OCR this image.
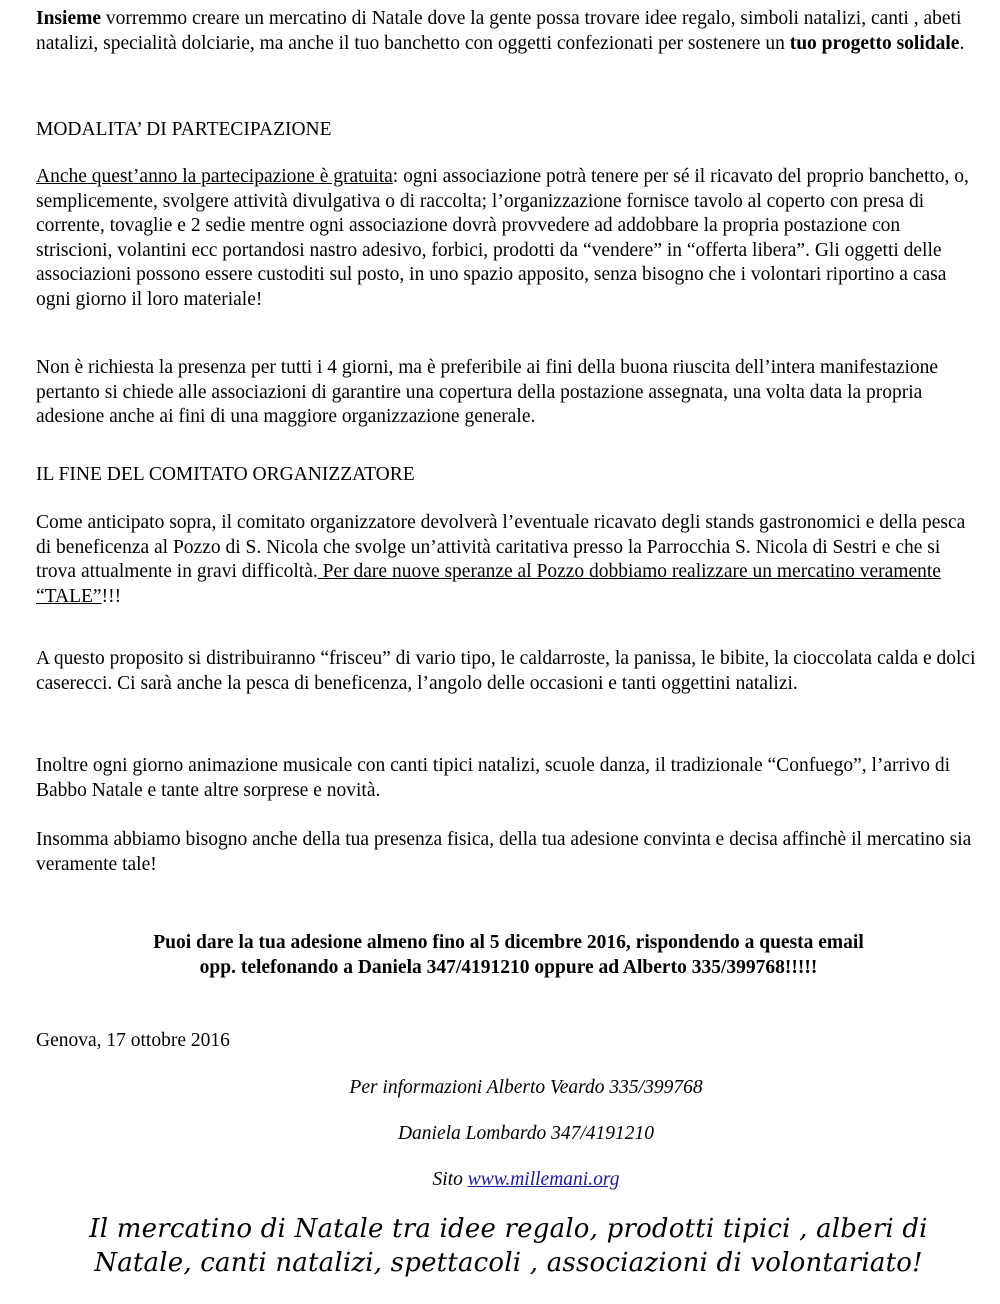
Insieme vorremmo creare un mercatino di Natale dove la gente possa trovare idee regalo, simboli natalizi, canti , abeti natalizi, specialità dolciarie, ma anche il tuo banchetto con oggetti confezionati per sostenere un tuo progetto solidale.

MODALITA’ DI PARTECIPAZIONE

Anche quest’anno la partecipazione è gratuita: ogni associazione potrà tenere per sé il ricavato del proprio banchetto, o, semplicemente, svolgere attività divulgativa o di raccolta; l’organizzazione fornisce tavolo al coperto con presa di corrente, tovaglie e 2 sedie mentre ogni associazione dovrà provvedere ad addobbare la propria postazione con striscioni, volantini ecc portandosi nastro adesivo, forbici, prodotti da “vendere” in “offerta libera”. Gli oggetti delle associazioni possono essere custoditi sul posto, in uno spazio apposito, senza bisogno che i volontari riportino a casa ogni giorno il loro materiale!

Non è richiesta la presenza per tutti i 4 giorni, ma è preferibile ai fini della buona riuscita dell’intera manifestazione pertanto si chiede alle associazioni di garantire una copertura della postazione assegnata, una volta data la propria adesione anche ai fini di una maggiore organizzazione generale.

IL FINE DEL COMITATO ORGANIZZATORE

Come anticipato sopra, il comitato organizzatore devolverà l’eventuale ricavato degli stands gastronomici e della pesca di beneficenza al Pozzo di S. Nicola che svolge un’attività caritativa presso la Parrocchia S. Nicola di Sestri e che si trova attualmente in gravi difficoltà. Per dare nuove speranze al Pozzo dobbiamo realizzare un mercatino veramente “TALE”!!!

A questo proposito si distribuiranno “frisceu” di vario tipo, le caldarroste, la panissa, le bibite, la cioccolata calda e dolci caserecci. Ci sarà anche la pesca di beneficenza, l’angolo delle occasioni e tanti oggettini natalizi.

Inoltre ogni giorno animazione musicale con canti tipici natalizi, scuole danza, il tradizionale “Confuego”, l’arrivo di Babbo Natale e tante altre sorprese e novità.

Insomma abbiamo bisogno anche della tua presenza fisica, della tua adesione convinta e decisa affinchè il mercatino sia veramente tale!

Puoi dare la tua adesione almeno fino al 5 dicembre 2016, rispondendo a questa email
opp. telefonando a Daniela 347/4191210 oppure ad Alberto 335/399768!!!!!

Genova, 17 ottobre 2016

Per informazioni Alberto Veardo 335/399768
Daniela Lombardo 347/4191210
Sito www.millemani.org
Il mercatino di Natale tra idee regalo, prodotti tipici , alberi di
Natale, canti natalizi, spettacoli , associazioni di volontariato!
